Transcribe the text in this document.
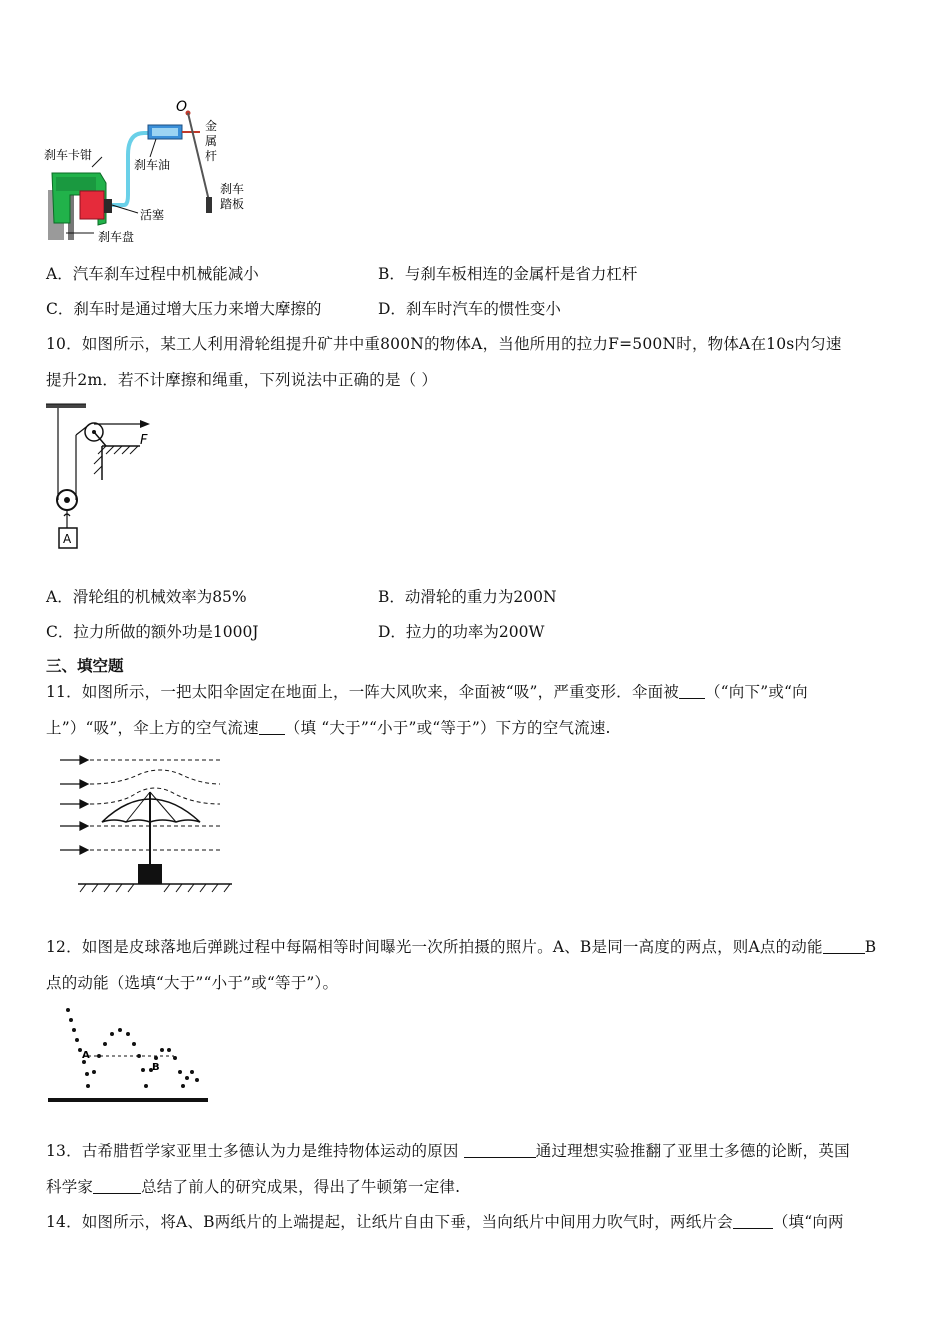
O
刹车卡钳
刹车油
活塞
刹车盘
金
属
杆
刹车
踏板
A．汽车刹车过程中机械能减小	B．与刹车板相连的金属杆是省力杠杆
C．刹车时是通过增大压力来增大摩擦的	D．刹车时汽车的惯性变小
10．如图所示，某工人利用滑轮组提升矿井中重800N的物体A，当他所用的拉力F=500N时，物体A在10s内匀速
提升2m．若不计摩擦和绳重，下列说法中正确的是（ ）
F
A
A．滑轮组的机械效率为85%	B．动滑轮的重力为200N
C．拉力所做的额外功是1000J	D．拉力的功率为200W
三、填空题
11．如图所示，一把太阳伞固定在地面上，一阵大风吹来，伞面被“吸”，严重变形．伞面被 （“向下”或“向
上”）“吸”，伞上方的空气流速 （填 “大于”“小于”或“等于”）下方的空气流速.
12．如图是皮球落地后弹跳过程中每隔相等时间曝光一次所拍摄的照片。A、B是同一高度的两点，则A点的动能	B
点的动能（选填“大于”“小于”或“等于”）。
A
B
13．古希腊哲学家亚里士多德认为力是维持物体运动的原因	通过理想实验推翻了亚里士多德的论断，英国
科学家	总结了前人的研究成果，得出了牛顿第一定律.
14．如图所示，将A、B两纸片的上端提起，让纸片自由下垂，当向纸片中间用力吹气时，两纸片会	（填“向两
